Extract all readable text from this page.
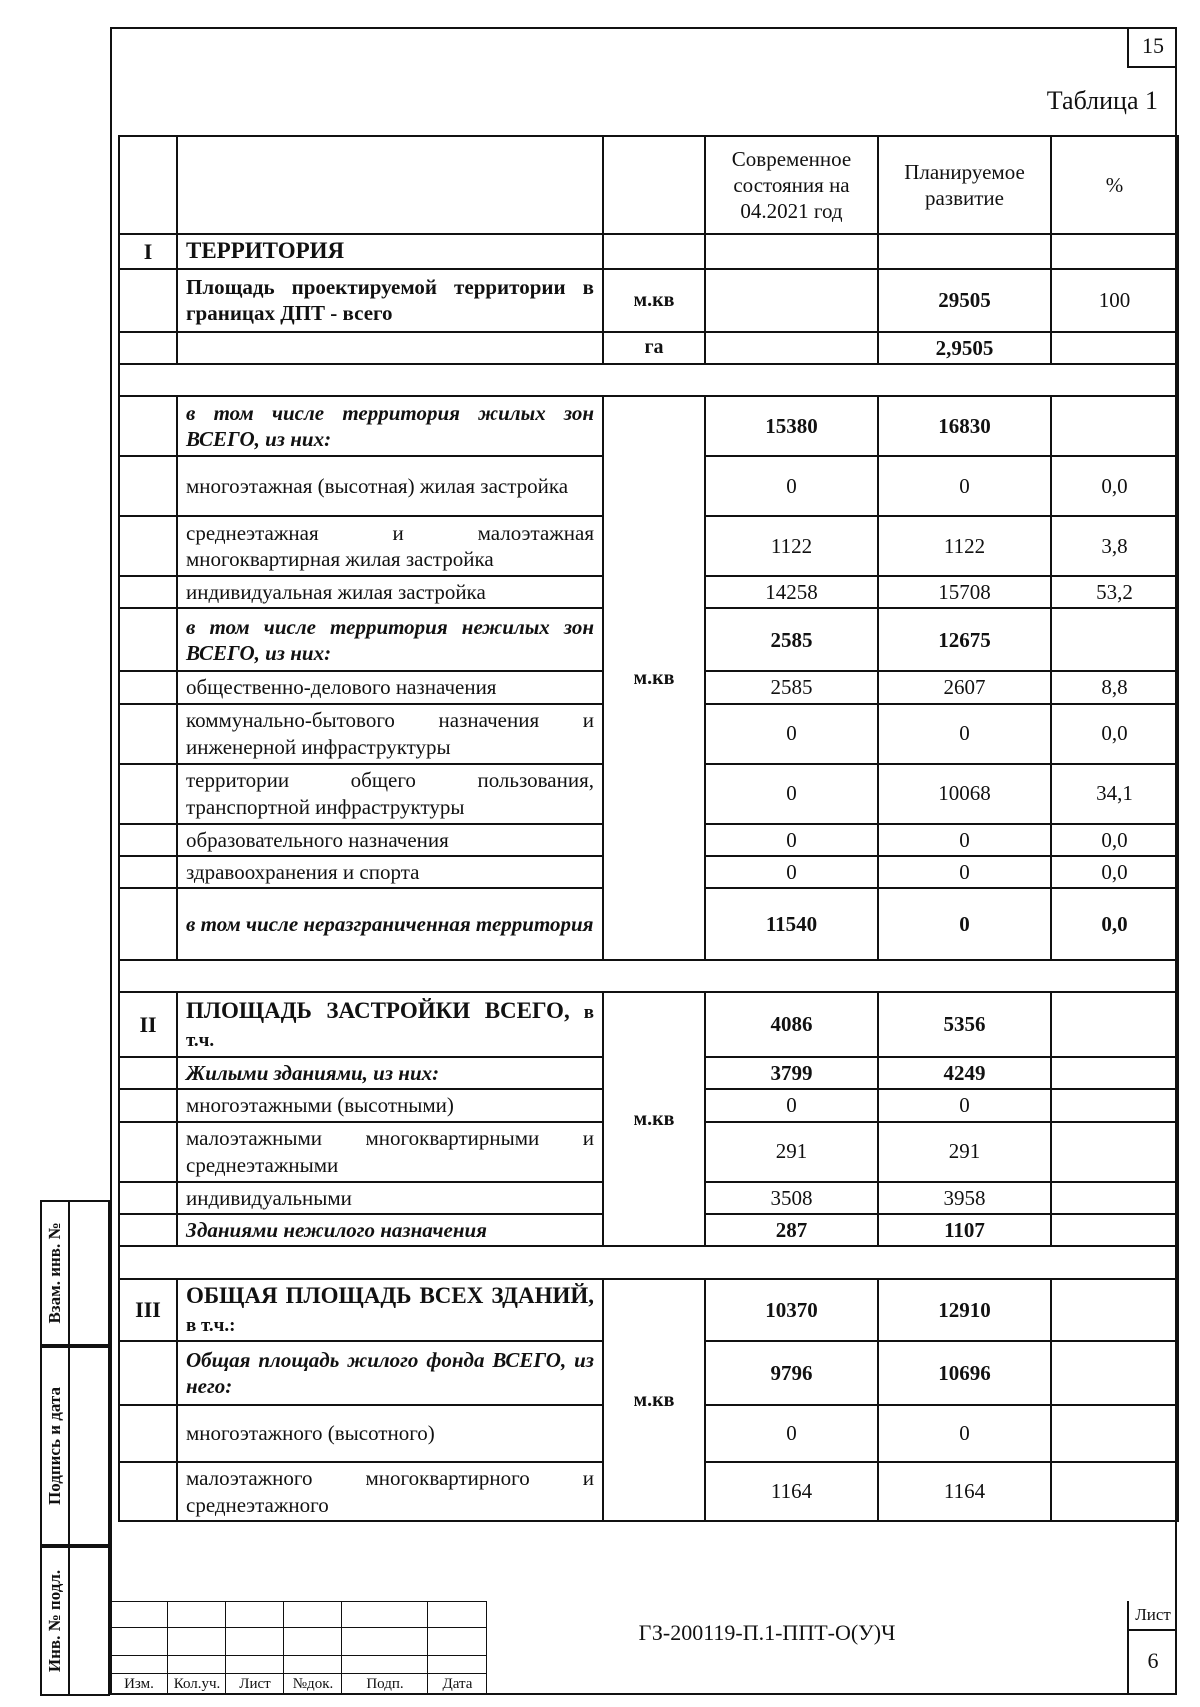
15
Таблица 1
			Современное состояния на 04.2021 год	Планируемое развитие	%
I	ТЕРРИТОРИЯ				
	Площадь проектируемой территории в границах ДПТ - всего	м.кв		29505	100
		га		2,9505	

	в том числе территория жилых зон ВСЕГО, из них:	м.кв	15380	16830	
	многоэтажная (высотная) жилая застройка		0	0	0,0
	среднеэтажная и малоэтажная многоквартирная жилая застройка		1122	1122	3,8
	индивидуальная жилая застройка		14258	15708	53,2
	в том числе территория нежилых зон ВСЕГО, из них:		2585	12675	
	общественно-делового назначения		2585	2607	8,8
	коммунально-бытового назначения и инженерной инфраструктуры		0	0	0,0
	территории общего пользования, транспортной инфраструктуры		0	10068	34,1
	образовательного назначения		0	0	0,0
	здравоохранения и спорта		0	0	0,0
	в том числе неразграниченная территория		11540	0	0,0

II	ПЛОЩАДЬ ЗАСТРОЙКИ ВСЕГО, в т.ч.	м.кв	4086	5356	
	Жилыми зданиями, из них:		3799	4249	
	многоэтажными (высотными)		0	0	
	малоэтажными многоквартирными и среднеэтажными		291	291	
	индивидуальными		3508	3958	
	Зданиями нежилого назначения		287	1107	

III	ОБЩАЯ ПЛОЩАДЬ ВСЕХ ЗДАНИЙ, в т.ч.:	м.кв	10370	12910	
	Общая площадь жилого фонда ВСЕГО, из него:		9796	10696	
	многоэтажного (высотного)		0	0	
	малоэтажного многоквартирного и среднеэтажного		1164	1164	
Взам. инв. №
Подпись и дата
Инв. № подл.
Изм.	Кол.уч.	Лист	№док.	Подп.	Дата
ГЗ-200119-П.1-ППТ-О(У)Ч
Лист
6
